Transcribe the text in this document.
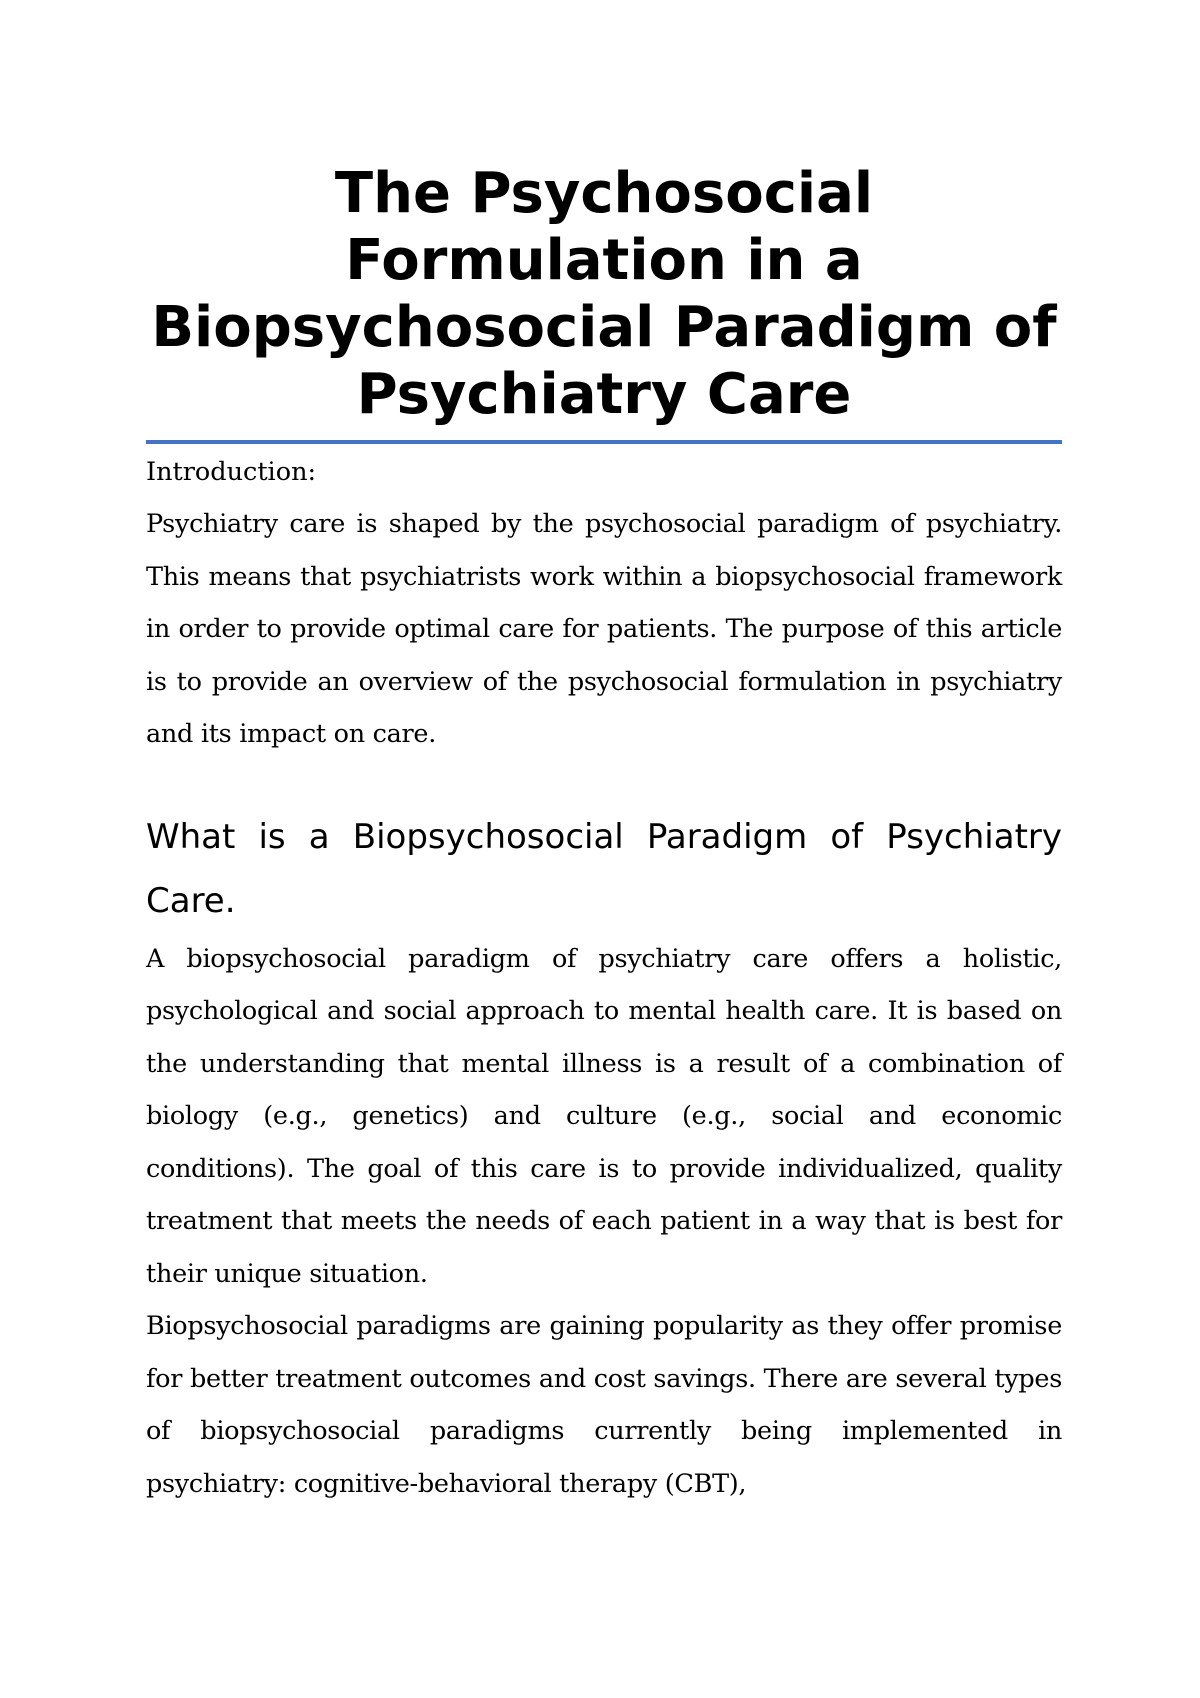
The Psychosocial Formulation in a Biopsychosocial Paradigm of Psychiatry Care

Introduction:

Psychiatry care is shaped by the psychosocial paradigm of psychiatry. This means that psychiatrists work within a biopsychosocial framework in order to provide optimal care for patients. The purpose of this article is to provide an overview of the psychosocial formulation in psychiatry and its impact on care.

What is a Biopsychosocial Paradigm of Psychiatry Care.

A biopsychosocial paradigm of psychiatry care offers a holistic, psychological and social approach to mental health care. It is based on the understanding that mental illness is a result of a combination of biology (e.g., genetics) and culture (e.g., social and economic conditions). The goal of this care is to provide individualized, quality treatment that meets the needs of each patient in a way that is best for their unique situation.

Biopsychosocial paradigms are gaining popularity as they offer promise for better treatment outcomes and cost savings. There are several types of biopsychosocial paradigms currently being implemented in psychiatry: cognitive-behavioral therapy (CBT),
